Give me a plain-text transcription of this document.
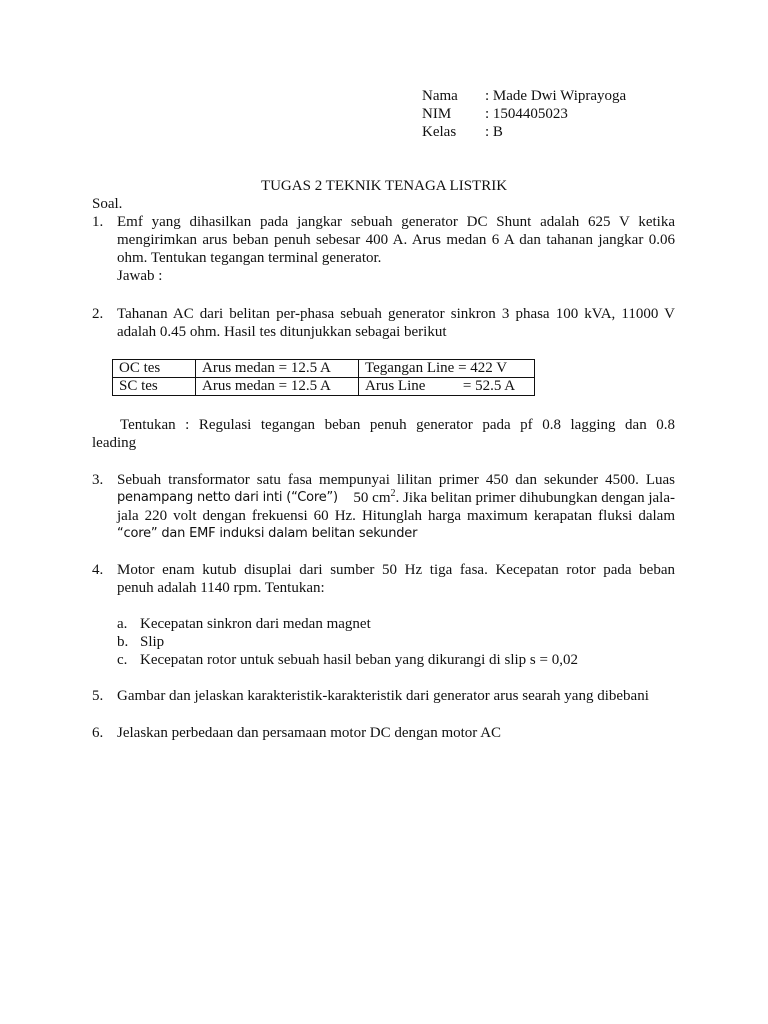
Nama : Made Dwi Wiprayoga
NIM : 1504405023
Kelas : B
TUGAS 2 TEKNIK TENAGA LISTRIK
Soal.
1. Emf yang dihasilkan pada jangkar sebuah generator DC Shunt adalah 625 V ketika
mengirimkan arus beban penuh sebesar 400 A. Arus medan 6 A dan tahanan jangkar 0.06
ohm. Tentukan tegangan terminal generator.
Jawab :
2. Tahanan AC dari belitan per-phasa sebuah generator sinkron 3 phasa 100 kVA, 11000 V
adalah 0.45 ohm. Hasil tes ditunjukkan sebagai berikut
OC tes	Arus medan = 12.5 A	Tegangan Line = 422 V
SC tes	Arus medan = 12.5 A	Arus Line          = 52.5 A
Tentukan : Regulasi tegangan beban penuh generator pada pf 0.8 lagging dan 0.8
leading
3. Sebuah transformator satu fasa mempunyai lilitan primer 450 dan sekunder 4500. Luas
penampang netto dari inti (“Core”) 50 $cm^2$. Jika belitan primer dihubungkan dengan jala-
jala 220 volt dengan frekuensi 60 Hz. Hitunglah harga maximum kerapatan fluksi dalam
“core” dan EMF induksi dalam belitan sekunder
4. Motor enam kutub disuplai dari sumber 50 Hz tiga fasa. Kecepatan rotor pada beban
penuh adalah 1140 rpm. Tentukan:
a. Kecepatan sinkron dari medan magnet
b. Slip
c. Kecepatan rotor untuk sebuah hasil beban yang dikurangi di slip s = 0,02
5. Gambar dan jelaskan karakteristik-karakteristik dari generator arus searah yang dibebani
6. Jelaskan perbedaan dan persamaan motor DC dengan motor AC
